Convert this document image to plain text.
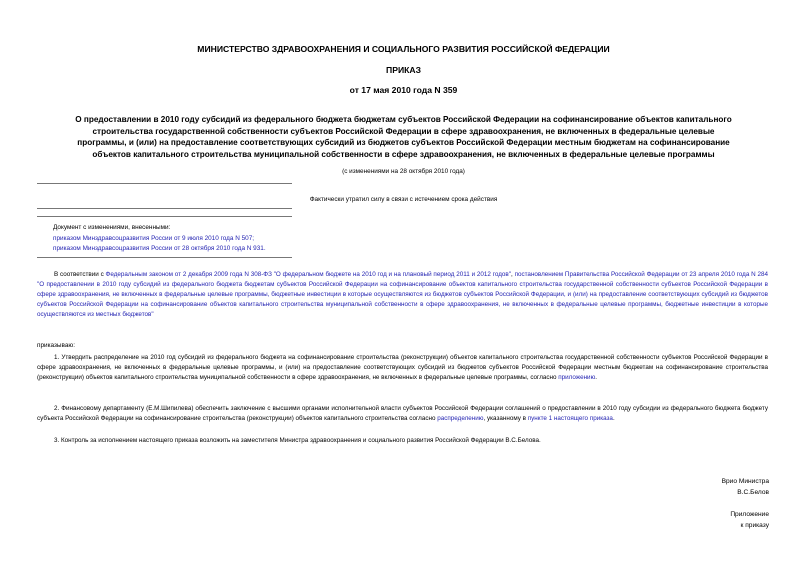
МИНИСТЕРСТВО ЗДРАВООХРАНЕНИЯ И СОЦИАЛЬНОГО РАЗВИТИЯ РОССИЙСКОЙ ФЕДЕРАЦИИ
ПРИКАЗ
от 17 мая 2010 года N 359
О предоставлении в 2010 году субсидий из федерального бюджета бюджетам субъектов Российской Федерации на софинансирование объектов капитального
строительства государственной собственности субъектов Российской Федерации в сфере здравоохранения, не включенных в федеральные целевые
программы, и (или) на предоставление соответствующих субсидий из бюджетов субъектов Российской Федерации местным бюджетам на софинансирование
объектов капитального строительства муниципальной собственности в сфере здравоохранения, не включенных в федеральные целевые программы
(с изменениями на 28 октября 2010 года)
Фактически утратил силу в связи с истечением срока действия
Документ с изменениями, внесенными:
приказом Минздравсоцразвития России от 9 июля 2010 года N 507;
приказом Минздравсоцразвития России от 28 октября 2010 года N 931.
В соответствии с Федеральным законом от 2 декабря 2009 года N 308-ФЗ "О федеральном бюджете на 2010 год и на плановый период 2011 и 2012 годов", постановлением Правительства Российской Федерации от 23 апреля 2010 года N 284 "О предоставлении в 2010 году субсидий из федерального бюджета бюджетам субъектов Российской Федерации на софинансирование объектов капитального строительства государственной собственности субъектов Российской Федерации в сфере здравоохранения, не включенных в федеральные целевые программы, бюджетные инвестиции в которые осуществляются из бюджетов субъектов Российской Федерации, и (или) на предоставление соответствующих субсидий из бюджетов субъектов Российской Федерации на софинансирование объектов капитального строительства муниципальной собственности в сфере здравоохранения, не включенных в федеральные целевые программы, бюджетные инвестиции в которые осуществляются из местных бюджетов"
приказываю:
1. Утвердить распределение на 2010 год субсидий из федерального бюджета на софинансирование строительства (реконструкции) объектов капитального строительства государственной собственности субъектов Российской Федерации в сфере здравоохранения, не включенных в федеральные целевые программы, и (или) на предоставление соответствующих субсидий из бюджетов субъектов Российской Федерации местным бюджетам на софинансирование строительства (реконструкции) объектов капитального строительства муниципальной собственности в сфере здравоохранения, не включенных в федеральные целевые программы, согласно приложению.
2. Финансовому департаменту (Е.М.Шипилева) обеспечить заключение с высшими органами исполнительной власти субъектов Российской Федерации соглашений о предоставлении в 2010 году субсидии из федерального бюджета бюджету субъекта Российской Федерации на софинансирование строительства (реконструкции) объектов капитального строительства согласно распределению, указанному в пункте 1 настоящего приказа.
3. Контроль за исполнением настоящего приказа возложить на заместителя Министра здравоохранения и социального развития Российской Федерации В.С.Белова.
Врио Министра
В.С.Белов
Приложение
к приказу
